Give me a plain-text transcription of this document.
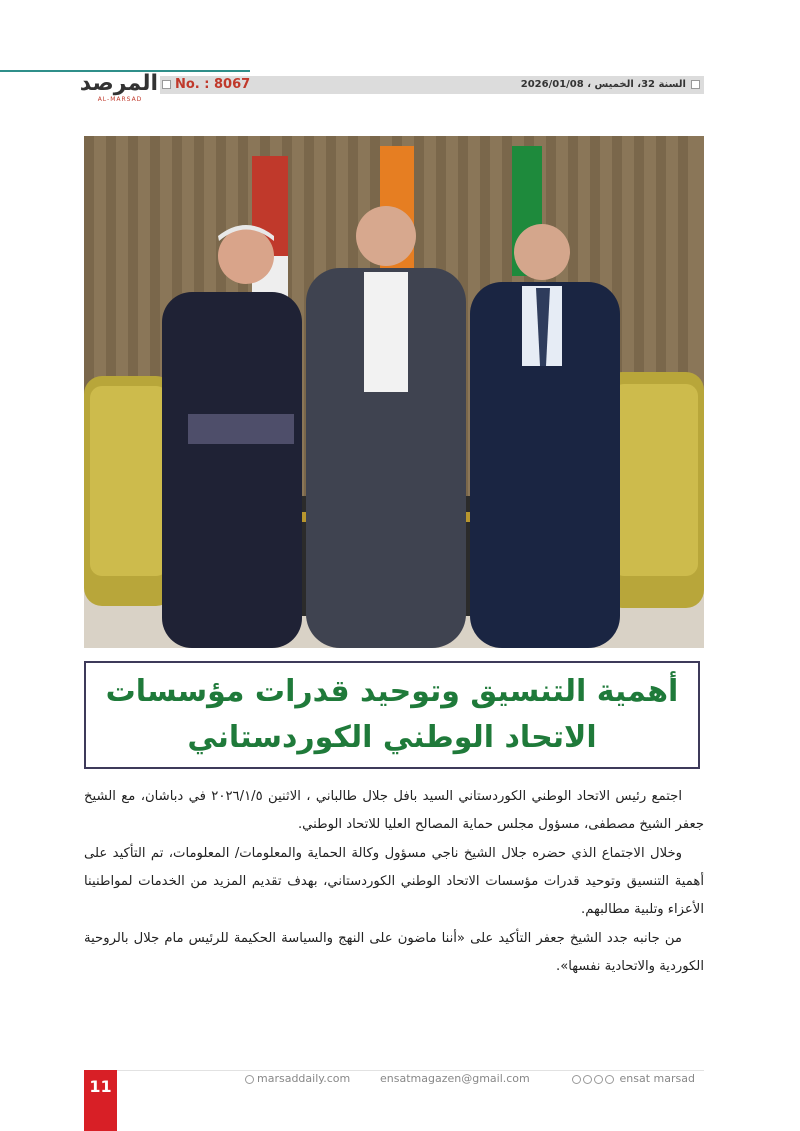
No. : 8067	السنة 32، الخميس ، 2026/01/08
المرصد
AL-MARSAD
أهمية التنسيق وتوحيد قدرات مؤسسات
الاتحاد الوطني الكوردستاني

اجتمع رئيس الاتحاد الوطني الكوردستاني السيد بافل جلال طالباني ، الاثنين ٢٠٢٦/١/٥ في دباشان، مع الشيخ جعفر الشيخ مصطفى، مسؤول مجلس حماية المصالح العليا للاتحاد الوطني.

وخلال الاجتماع الذي حضره جلال الشيخ ناجي مسؤول وكالة الحماية والمعلومات/ المعلومات، تم التأكيد على أهمية التنسيق وتوحيد قدرات مؤسسات الاتحاد الوطني الكوردستاني، بهدف تقديم المزيد من الخدمات لمواطنينا الأعزاء وتلبية مطالبهم.

من جانبه جدد الشيخ جعفر التأكيد على «أننا ماضون على النهج والسياسة الحكيمة للرئيس مام جلال بالروحية الكوردية والاتحادية نفسها».

11	marsaddaily.com	ensatmagazen@gmail.com	ensat marsad
